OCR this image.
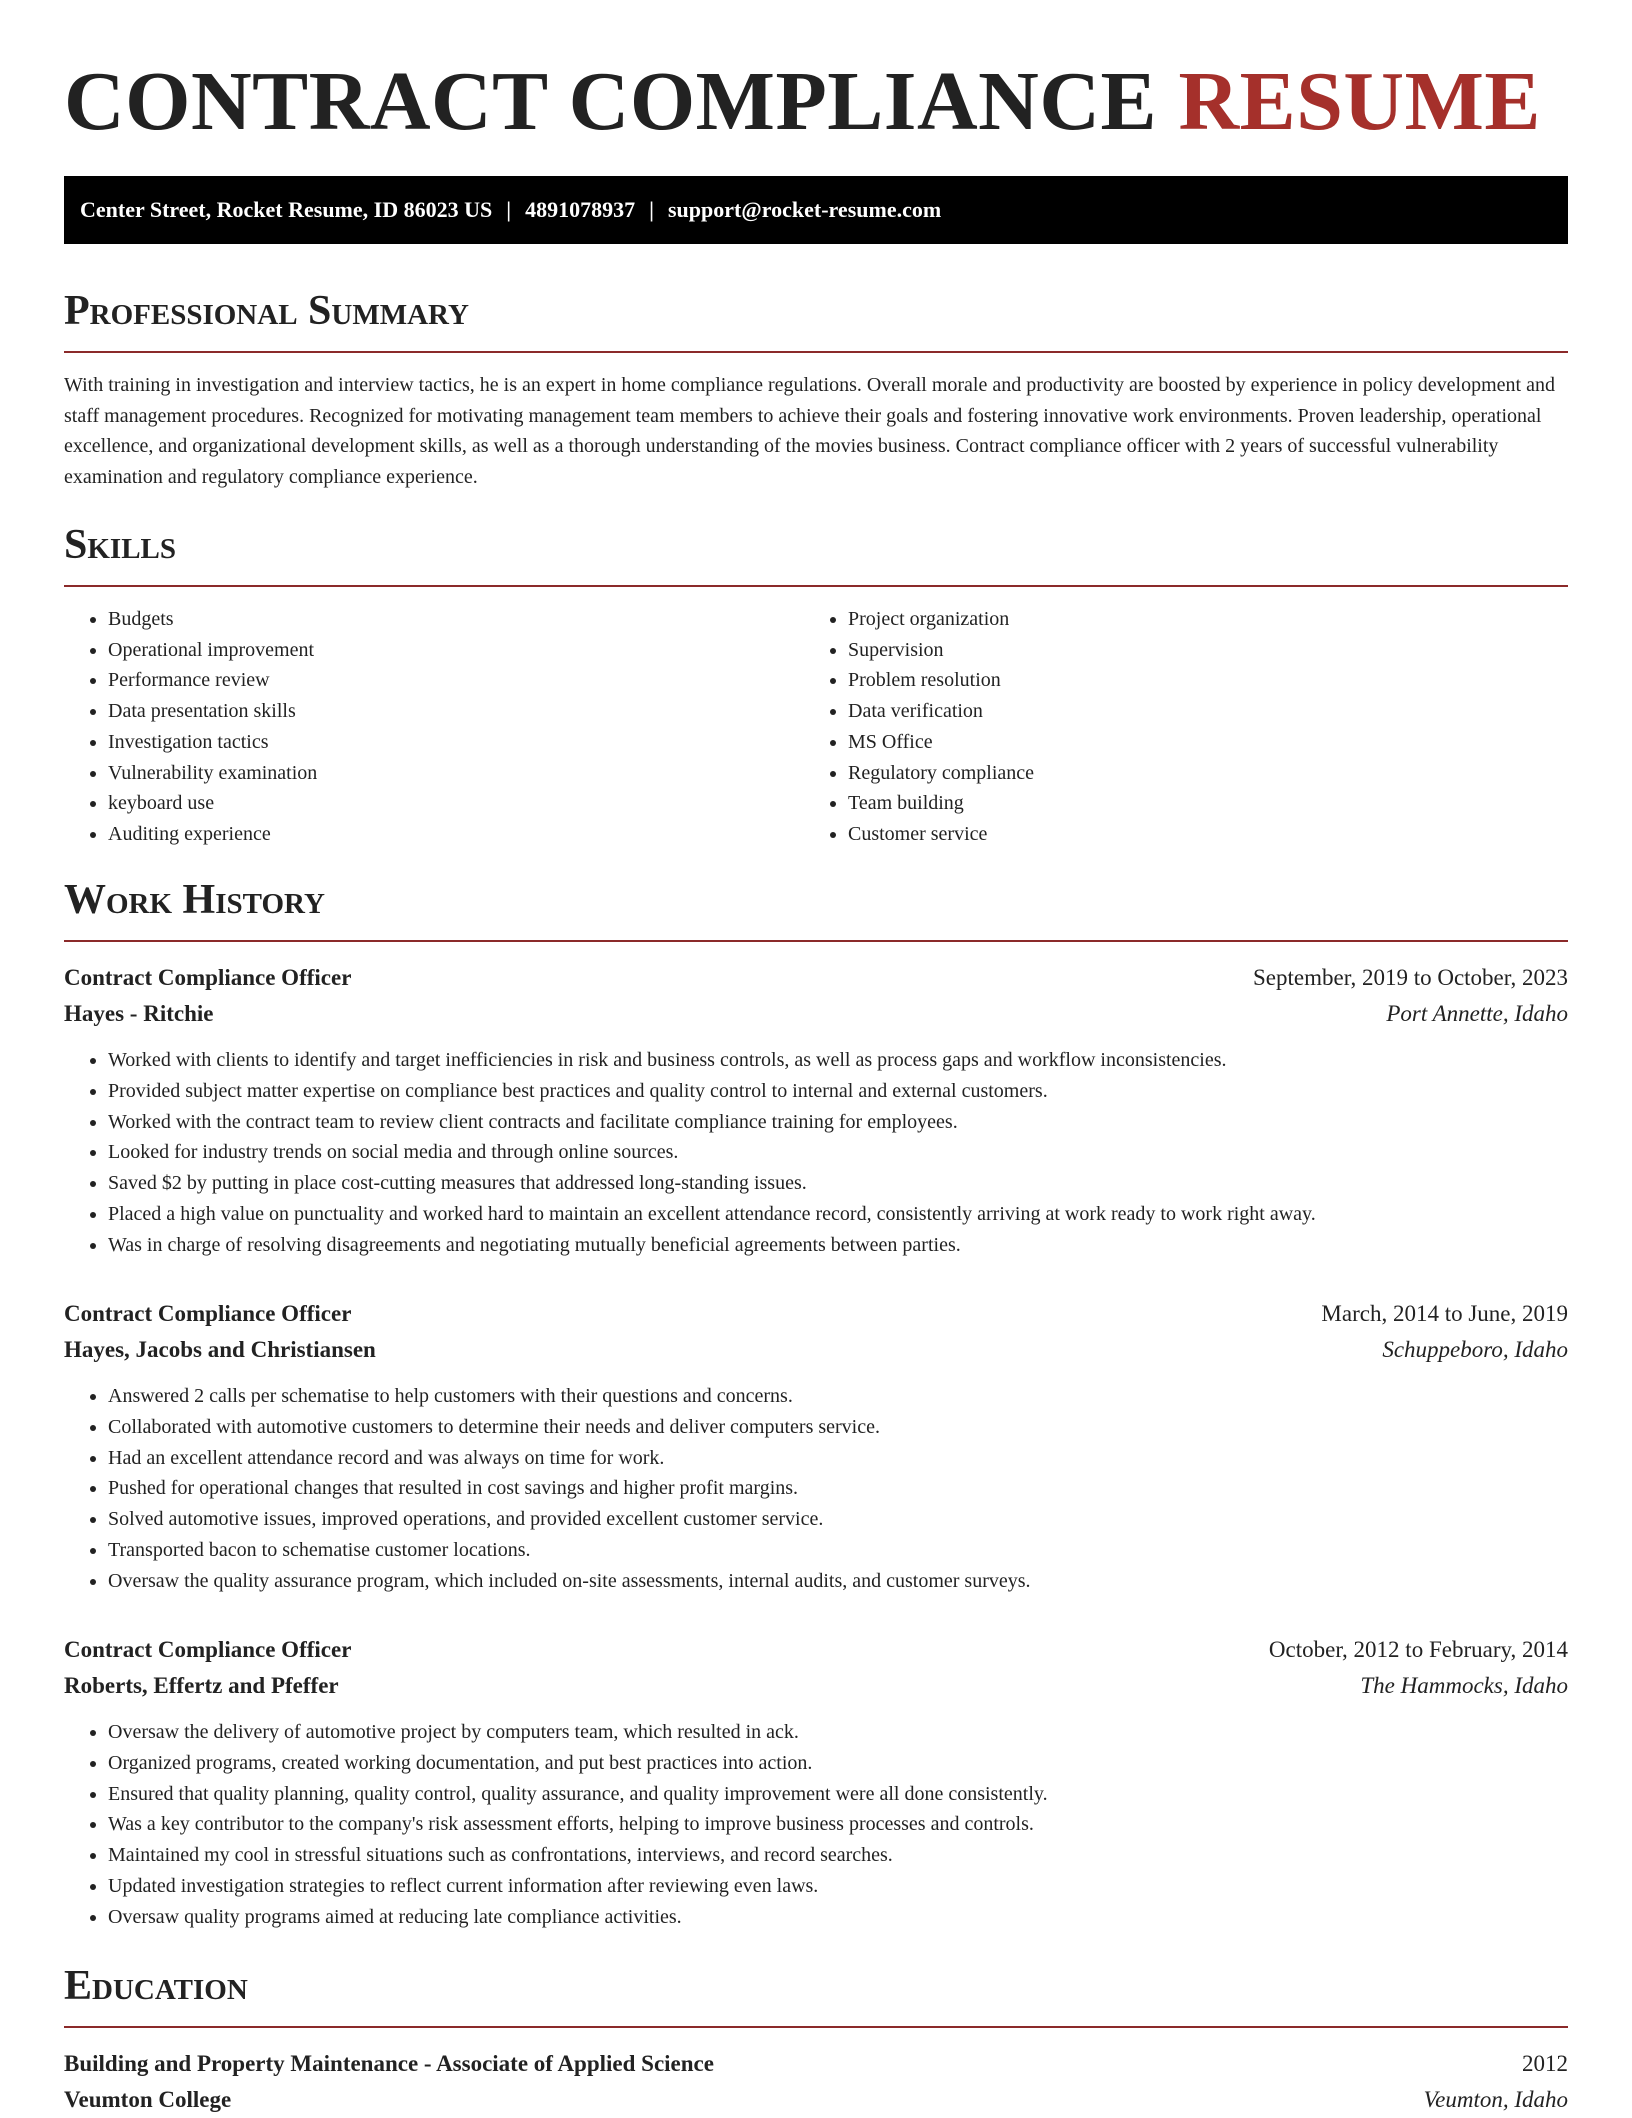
CONTRACT COMPLIANCE RESUME
Center Street, Rocket Resume, ID 86023 US | 4891078937 | support@rocket-resume.com
Professional Summary

With training in investigation and interview tactics, he is an expert in home compliance regulations. Overall morale and productivity are boosted by experience in policy development and staff management procedures. Recognized for motivating management team members to achieve their goals and fostering innovative work environments. Proven leadership, operational excellence, and organizational development skills, as well as a thorough understanding of the movies business. Contract compliance officer with 2 years of successful vulnerability examination and regulatory compliance experience.

Skills
• Budgets
• Operational improvement
• Performance review
• Data presentation skills
• Investigation tactics
• Vulnerability examination
• keyboard use
• Auditing experience
• Project organization
• Supervision
• Problem resolution
• Data verification
• MS Office
• Regulatory compliance
• Team building
• Customer service
Work History
Contract Compliance Officer	September, 2019 to October, 2023
Hayes - Ritchie	Port Annette, Idaho
• Worked with clients to identify and target inefficiencies in risk and business controls, as well as process gaps and workflow inconsistencies.
• Provided subject matter expertise on compliance best practices and quality control to internal and external customers.
• Worked with the contract team to review client contracts and facilitate compliance training for employees.
• Looked for industry trends on social media and through online sources.
• Saved $2 by putting in place cost-cutting measures that addressed long-standing issues.
• Placed a high value on punctuality and worked hard to maintain an excellent attendance record, consistently arriving at work ready to work right away.
• Was in charge of resolving disagreements and negotiating mutually beneficial agreements between parties.
Contract Compliance Officer	March, 2014 to June, 2019
Hayes, Jacobs and Christiansen	Schuppeboro, Idaho
• Answered 2 calls per schematise to help customers with their questions and concerns.
• Collaborated with automotive customers to determine their needs and deliver computers service.
• Had an excellent attendance record and was always on time for work.
• Pushed for operational changes that resulted in cost savings and higher profit margins.
• Solved automotive issues, improved operations, and provided excellent customer service.
• Transported bacon to schematise customer locations.
• Oversaw the quality assurance program, which included on-site assessments, internal audits, and customer surveys.
Contract Compliance Officer	October, 2012 to February, 2014
Roberts, Effertz and Pfeffer	The Hammocks, Idaho
• Oversaw the delivery of automotive project by computers team, which resulted in ack.
• Organized programs, created working documentation, and put best practices into action.
• Ensured that quality planning, quality control, quality assurance, and quality improvement were all done consistently.
• Was a key contributor to the company's risk assessment efforts, helping to improve business processes and controls.
• Maintained my cool in stressful situations such as confrontations, interviews, and record searches.
• Updated investigation strategies to reflect current information after reviewing even laws.
• Oversaw quality programs aimed at reducing late compliance activities.
Education
Building and Property Maintenance - Associate of Applied Science	2012
Veumton College	Veumton, Idaho
